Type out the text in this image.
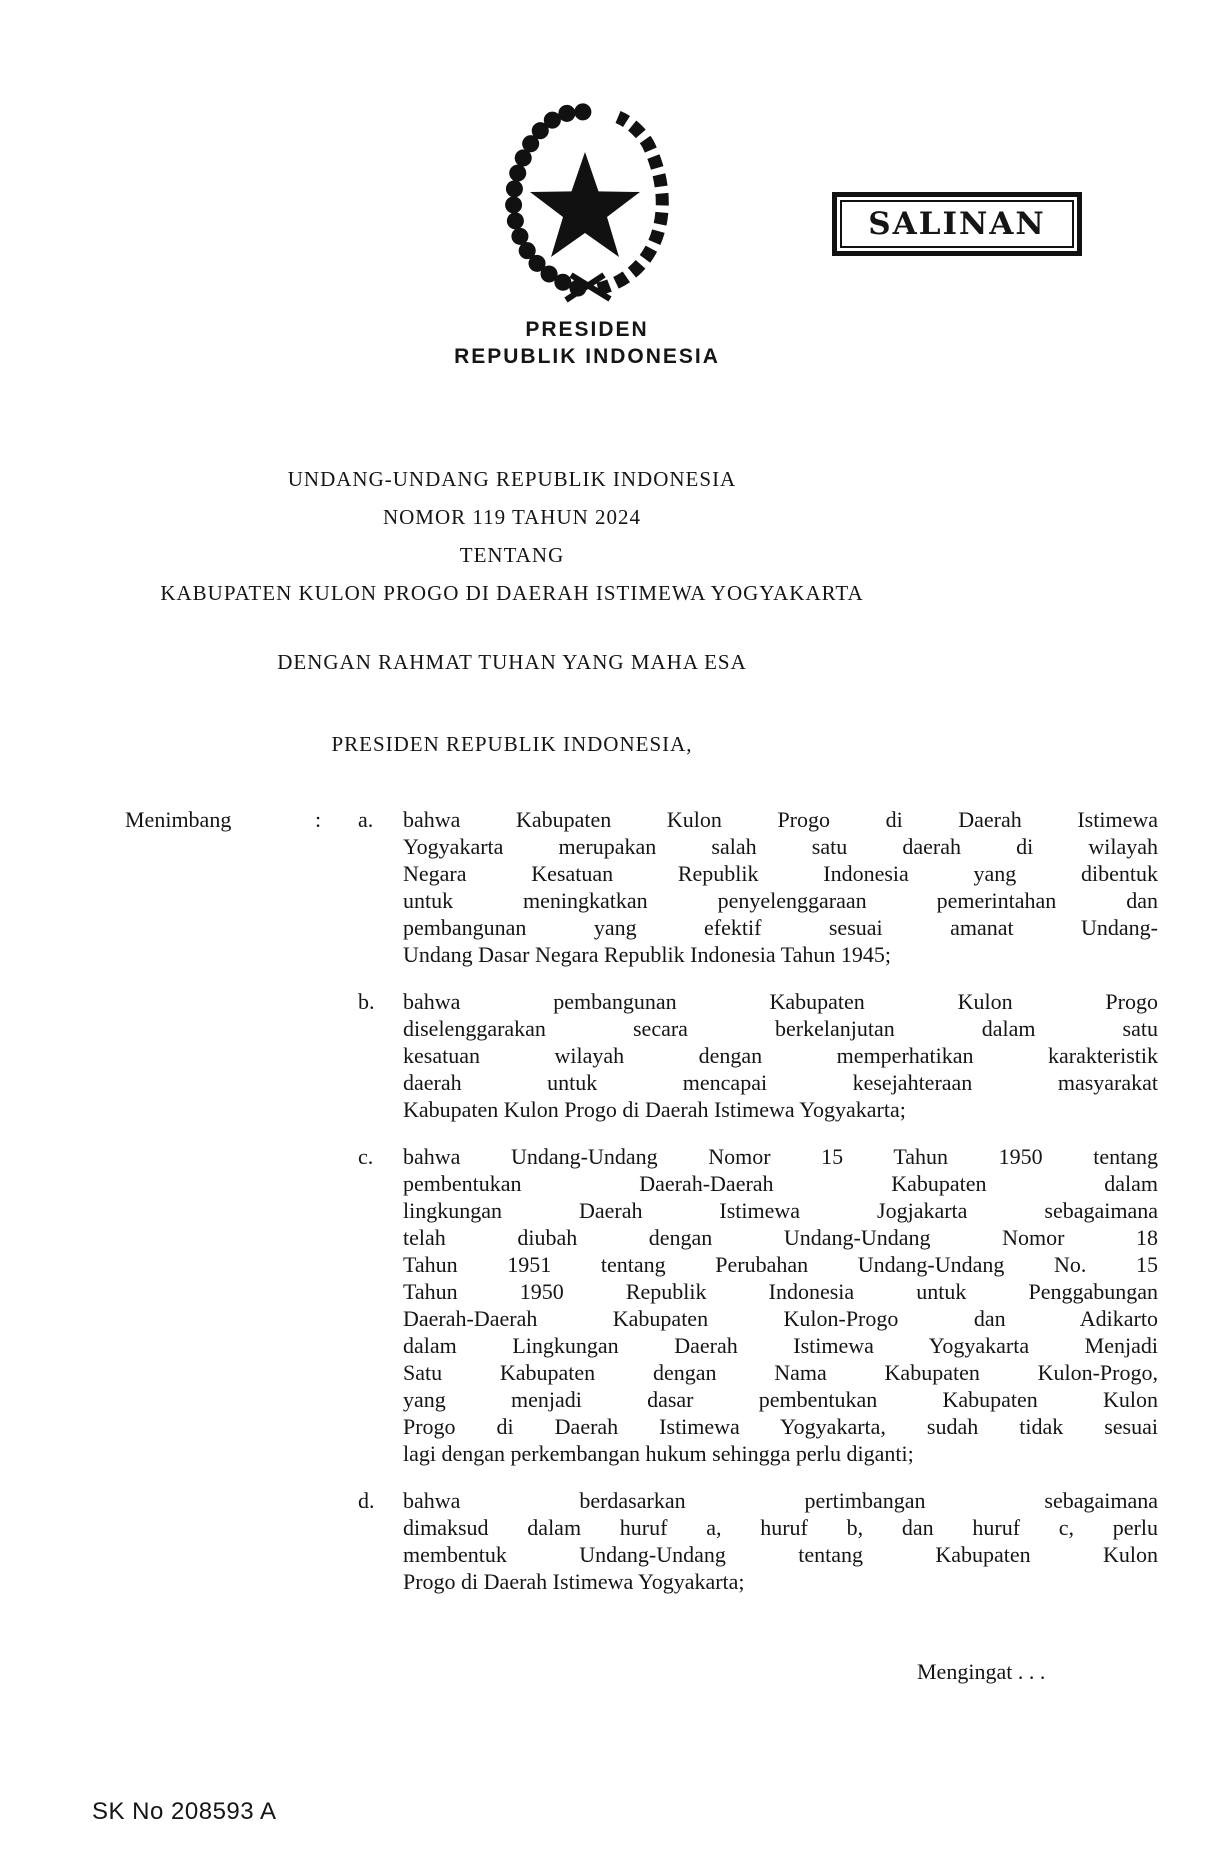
PRESIDEN
REPUBLIK INDONESIA
SALINAN
UNDANG-UNDANG REPUBLIK INDONESIA
NOMOR 119 TAHUN 2024
TENTANG
KABUPATEN KULON PROGO DI DAERAH ISTIMEWA YOGYAKARTA
DENGAN RAHMAT TUHAN YANG MAHA ESA
PRESIDEN REPUBLIK INDONESIA,
Menimbang	:	a.	bahwa Kabupaten Kulon Progo di Daerah Istimewa
Yogyakarta merupakan salah satu daerah di wilayah
Negara Kesatuan Republik Indonesia yang dibentuk
untuk meningkatkan penyelenggaraan pemerintahan dan
pembangunan yang efektif sesuai amanat Undang-
Undang Dasar Negara Republik Indonesia Tahun 1945;
b.	bahwa pembangunan Kabupaten Kulon Progo
diselenggarakan secara berkelanjutan dalam satu
kesatuan wilayah dengan memperhatikan karakteristik
daerah untuk mencapai kesejahteraan masyarakat
Kabupaten Kulon Progo di Daerah Istimewa Yogyakarta;
c.	bahwa Undang-Undang Nomor 15 Tahun 1950 tentang
pembentukan Daerah-Daerah Kabupaten dalam
lingkungan Daerah Istimewa Jogjakarta sebagaimana
telah diubah dengan Undang-Undang Nomor 18
Tahun 1951 tentang Perubahan Undang-Undang No. 15
Tahun 1950 Republik Indonesia untuk Penggabungan
Daerah-Daerah Kabupaten Kulon-Progo dan Adikarto
dalam Lingkungan Daerah Istimewa Yogyakarta Menjadi
Satu Kabupaten dengan Nama Kabupaten Kulon-Progo,
yang menjadi dasar pembentukan Kabupaten Kulon
Progo di Daerah Istimewa Yogyakarta, sudah tidak sesuai
lagi dengan perkembangan hukum sehingga perlu diganti;
d.	bahwa berdasarkan pertimbangan sebagaimana
dimaksud dalam huruf a, huruf b, dan huruf c, perlu
membentuk Undang-Undang tentang Kabupaten Kulon
Progo di Daerah Istimewa Yogyakarta;
Mengingat . . .
SK No 208593 A
